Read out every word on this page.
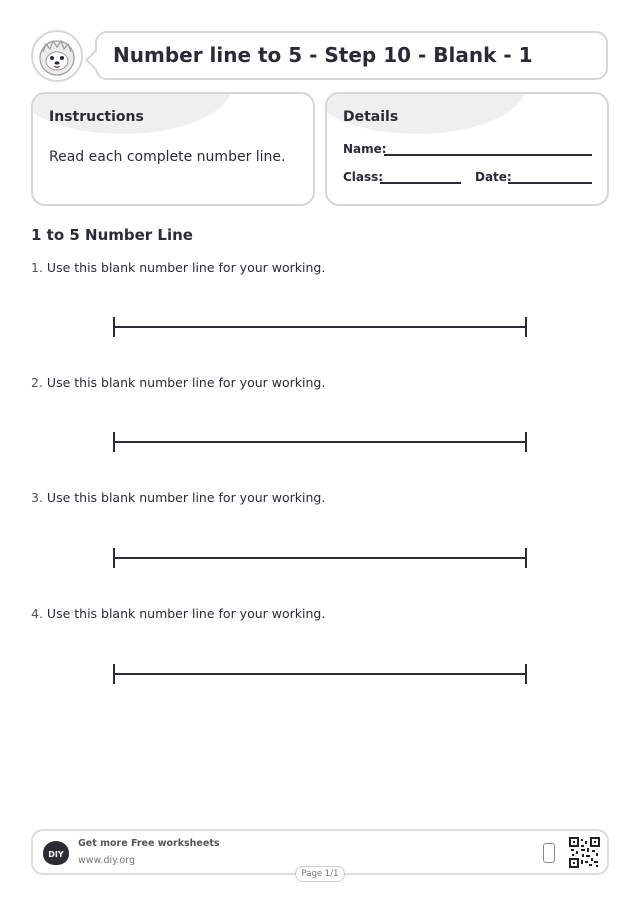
Number line to 5 - Step 10 - Blank - 1
Instructions
Read each complete number line.
Details
Name:
Class:	Date:
1 to 5 Number Line
1. Use this blank number line for your working.
2. Use this blank number line for your working.
3. Use this blank number line for your working.
4. Use this blank number line for your working.
DIY
Get more Free worksheets
www.diy.org
Page 1/1
